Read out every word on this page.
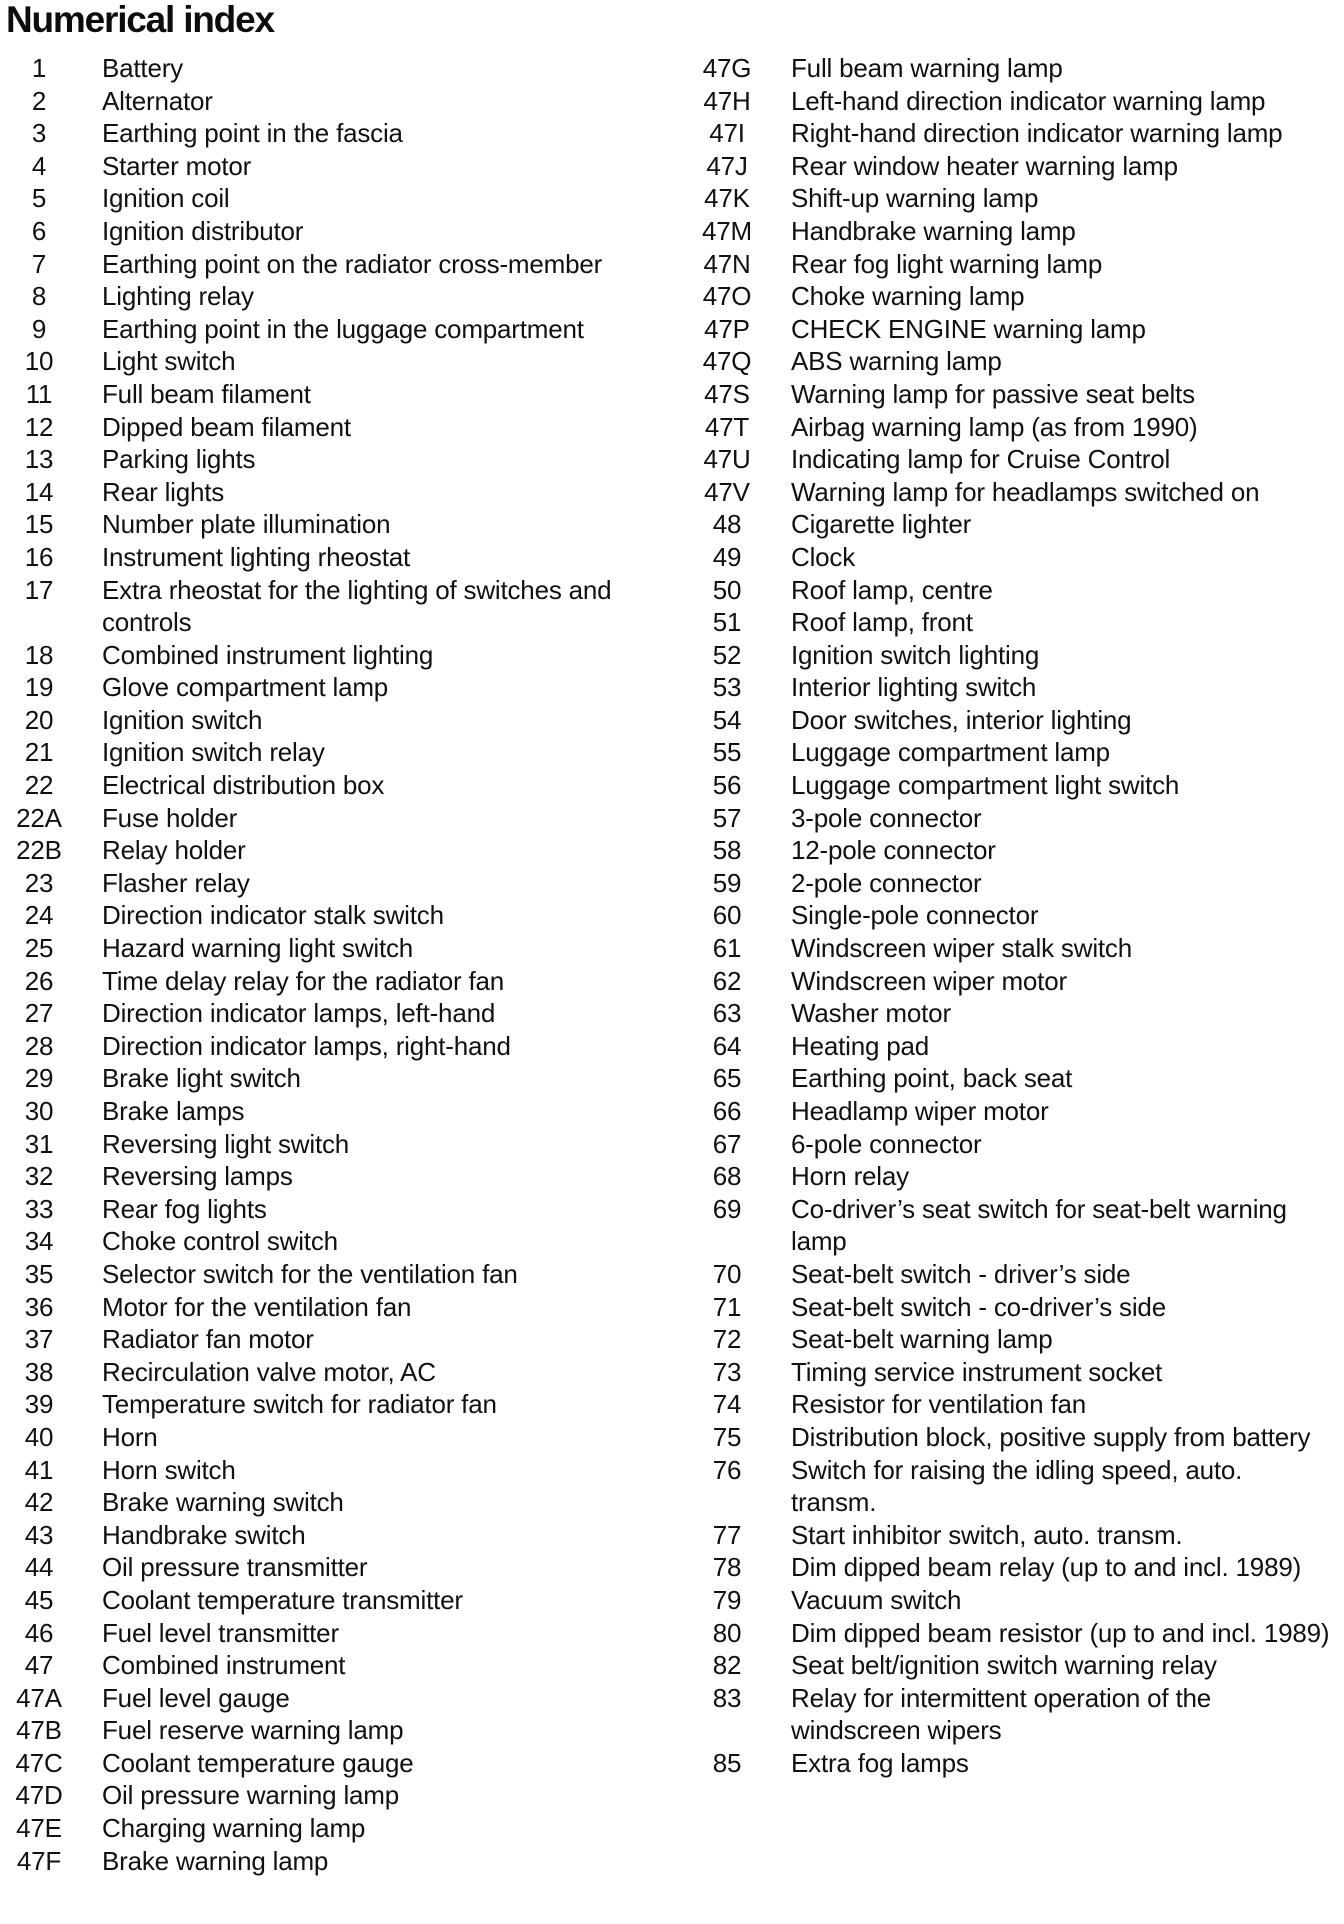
Numerical index
1	Battery
2	Alternator
3	Earthing point in the fascia
4	Starter motor
5	Ignition coil
6	Ignition distributor
7	Earthing point on the radiator cross-member
8	Lighting relay
9	Earthing point in the luggage compartment
10	Light switch
11	Full beam filament
12	Dipped beam filament
13	Parking lights
14	Rear lights
15	Number plate illumination
16	Instrument lighting rheostat
17	Extra rheostat for the lighting of switches and controls
18	Combined instrument lighting
19	Glove compartment lamp
20	Ignition switch
21	Ignition switch relay
22	Electrical distribution box
22A	Fuse holder
22B	Relay holder
23	Flasher relay
24	Direction indicator stalk switch
25	Hazard warning light switch
26	Time delay relay for the radiator fan
27	Direction indicator lamps, left-hand
28	Direction indicator lamps, right-hand
29	Brake light switch
30	Brake lamps
31	Reversing light switch
32	Reversing lamps
33	Rear fog lights
34	Choke control switch
35	Selector switch for the ventilation fan
36	Motor for the ventilation fan
37	Radiator fan motor
38	Recirculation valve motor, AC
39	Temperature switch for radiator fan
40	Horn
41	Horn switch
42	Brake warning switch
43	Handbrake switch
44	Oil pressure transmitter
45	Coolant temperature transmitter
46	Fuel level transmitter
47	Combined instrument
47A	Fuel level gauge
47B	Fuel reserve warning lamp
47C	Coolant temperature gauge
47D	Oil pressure warning lamp
47E	Charging warning lamp
47F	Brake warning lamp
47G Full beam warning lamp
47H Left-hand direction indicator warning lamp
47I	Right-hand direction indicator warning lamp
47J Rear window heater warning lamp
47K Shift-up warning lamp
47M Handbrake warning lamp
47N Rear fog light warning lamp
47O Choke warning lamp
47P CHECK ENGINE warning lamp
47Q ABS warning lamp
47S Warning lamp for passive seat belts
47T Airbag warning lamp (as from 1990)
47U Indicating lamp for Cruise Control
47V Warning lamp for headlamps switched on
48	Cigarette lighter
49	Clock
50	Roof lamp, centre
51	Roof lamp, front
52	Ignition switch lighting
53	Interior lighting switch
54	Door switches, interior lighting
55	Luggage compartment lamp
56	Luggage compartment light switch
57	3-pole connector
58	12-pole connector
59	2-pole connector
60	Single-pole connector
61	Windscreen wiper stalk switch
62	Windscreen wiper motor
63	Washer motor
64	Heating pad
65	Earthing point, back seat
66	Headlamp wiper motor
67	6-pole connector
68	Horn relay
69	Co-driver’s seat switch for seat-belt warning lamp
70	Seat-belt switch - driver’s side
71	Seat-belt switch - co-driver’s side
72	Seat-belt warning lamp
73	Timing service instrument socket
74	Resistor for ventilation fan
75	Distribution block, positive supply from battery
76	Switch for raising the idling speed, auto. transm.
77	Start inhibitor switch, auto. transm.
78	Dim dipped beam relay (up to and incl. 1989)
79	Vacuum switch
80	Dim dipped beam resistor (up to and incl. 1989)
82	Seat belt/ignition switch warning relay
83	Relay for intermittent operation of the windscreen wipers
85	Extra fog lamps
